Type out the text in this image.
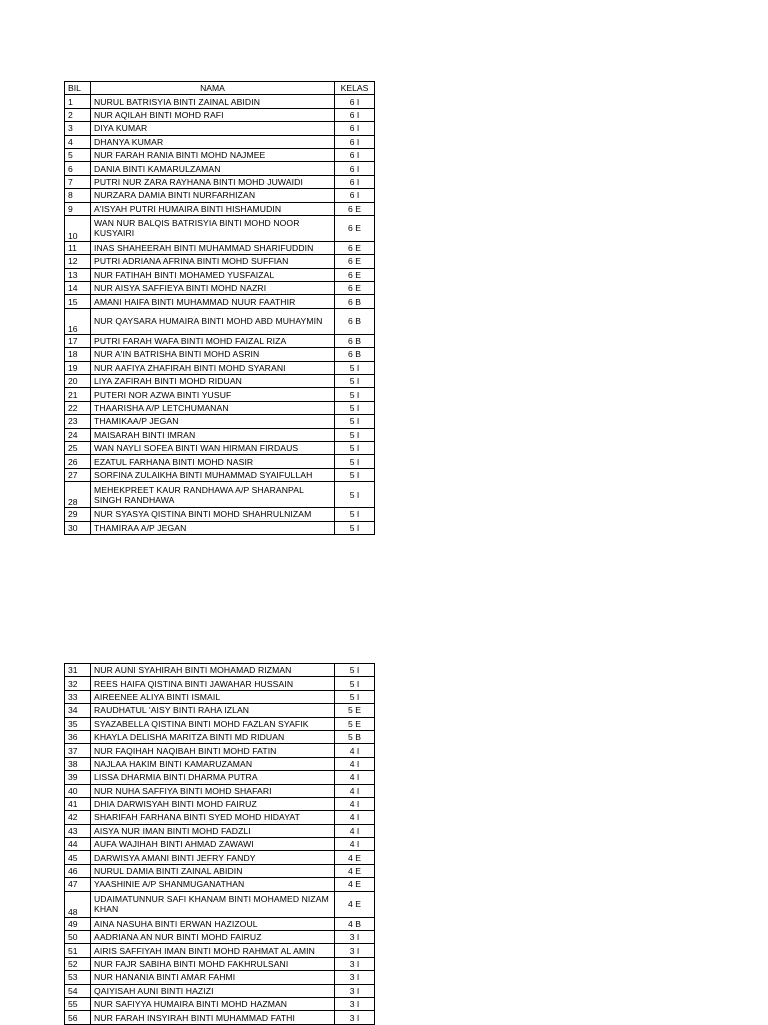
BIL	NAMA	KELAS
1	NURUL BATRISYIA BINTI ZAINAL ABIDIN	6 I
2	NUR AQILAH BINTI MOHD RAFI	6 I
3	DIYA KUMAR	6 I
4	DHANYA KUMAR	6 I
5	NUR FARAH RANIA BINTI MOHD NAJMEE	6 I
6	DANIA BINTI KAMARULZAMAN	6 I
7	PUTRI NUR ZARA RAYHANA BINTI MOHD JUWAIDI	6 I
8	NURZARA DAMIA BINTI NURFARHIZAN	6 I
9	A'ISYAH PUTRI HUMAIRA BINTI HISHAMUDIN	6 E
10	WAN NUR BALQIS BATRISYIA BINTI MOHD NOOR KUSYAIRI	6 E
11	INAS SHAHEERAH BINTI MUHAMMAD SHARIFUDDIN	6 E
12	PUTRI ADRIANA AFRINA BINTI MOHD SUFFIAN	6 E
13	NUR FATIHAH BINTI MOHAMED YUSFAIZAL	6 E
14	NUR AISYA SAFFIEYA BINTI MOHD NAZRI	6 E
15	AMANI HAIFA BINTI MUHAMMAD NUUR FAATHIR	6 B
16	NUR QAYSARA HUMAIRA BINTI MOHD ABD MUHAYMIN	6 B
17	PUTRI FARAH WAFA BINTI MOHD FAIZAL RIZA	6 B
18	NUR A'IN BATRISHA BINTI MOHD ASRIN	6 B
19	NUR AAFIYA ZHAFIRAH BINTI MOHD SYARANI	5 I
20	LIYA ZAFIRAH BINTI MOHD RIDUAN	5 I
21	PUTERI NOR AZWA BINTI YUSUF	5 I
22	THAARISHA A/P LETCHUMANAN	5 I
23	THAMIKAA/P JEGAN	5 I
24	MAISARAH BINTI IMRAN	5 I
25	WAN NAYLI SOFEA BINTI WAN HIRMAN FIRDAUS	5 I
26	EZATUL FARHANA BINTI MOHD NASIR	5 I
27	SORFINA ZULAIKHA BINTI MUHAMMAD SYAIFULLAH	5 I
28	MEHEKPREET KAUR RANDHAWA A/P SHARANPAL SINGH RANDHAWA	5 I
29	NUR SYASYA QISTINA BINTI MOHD SHAHRULNIZAM	5 I
30	THAMIRAA A/P JEGAN	5 I
31	NUR AUNI SYAHIRAH BINTI MOHAMAD RIZMAN	5 I
32	REES HAIFA QISTINA BINTI JAWAHAR HUSSAIN	5 I
33	AIREENEE ALIYA BINTI ISMAIL	5 I
34	RAUDHATUL 'AISY BINTI RAHA IZLAN	5 E
35	SYAZABELLA QISTINA BINTI MOHD FAZLAN SYAFIK	5 E
36	KHAYLA DELISHA MARITZA BINTI MD RIDUAN	5 B
37	NUR FAQIHAH NAQIBAH BINTI MOHD FATIN	4 I
38	NAJLAA HAKIM BINTI KAMARUZAMAN	4 I
39	LISSA DHARMIA BINTI DHARMA PUTRA	4 I
40	NUR NUHA SAFFIYA BINTI MOHD SHAFARI	4 I
41	DHIA DARWISYAH BINTI MOHD FAIRUZ	4 I
42	SHARIFAH FARHANA BINTI SYED MOHD HIDAYAT	4 I
43	AISYA NUR IMAN BINTI MOHD FADZLI	4 I
44	AUFA WAJIHAH BINTI AHMAD ZAWAWI	4 I
45	DARWISYA AMANI BINTI JEFRY FANDY	4 E
46	NURUL DAMIA BINTI ZAINAL ABIDIN	4 E
47	YAASHINIE A/P SHANMUGANATHAN	4 E
48	UDAIMATUNNUR SAFI KHANAM BINTI MOHAMED NIZAM KHAN	4 E
49	AINA NASUHA BINTI ERWAN HAZIZOUL	4 B
50	AADRIANA AN NUR BINTI MOHD FAIRUZ	3 I
51	AIRIS SAFFIYAH IMAN BINTI MOHD RAHMAT AL AMIN	3 I
52	NUR FAJR SABIHA BINTI MOHD FAKHRULSANI	3 I
53	NUR HANANIA BINTI AMAR FAHMI	3 I
54	QAIYISAH AUNI BINTI HAZIZI	3 I
55	NUR SAFIYYA HUMAIRA BINTI MOHD HAZMAN	3 I
56	NUR FARAH INSYIRAH BINTI MUHAMMAD FATHI	3 I
